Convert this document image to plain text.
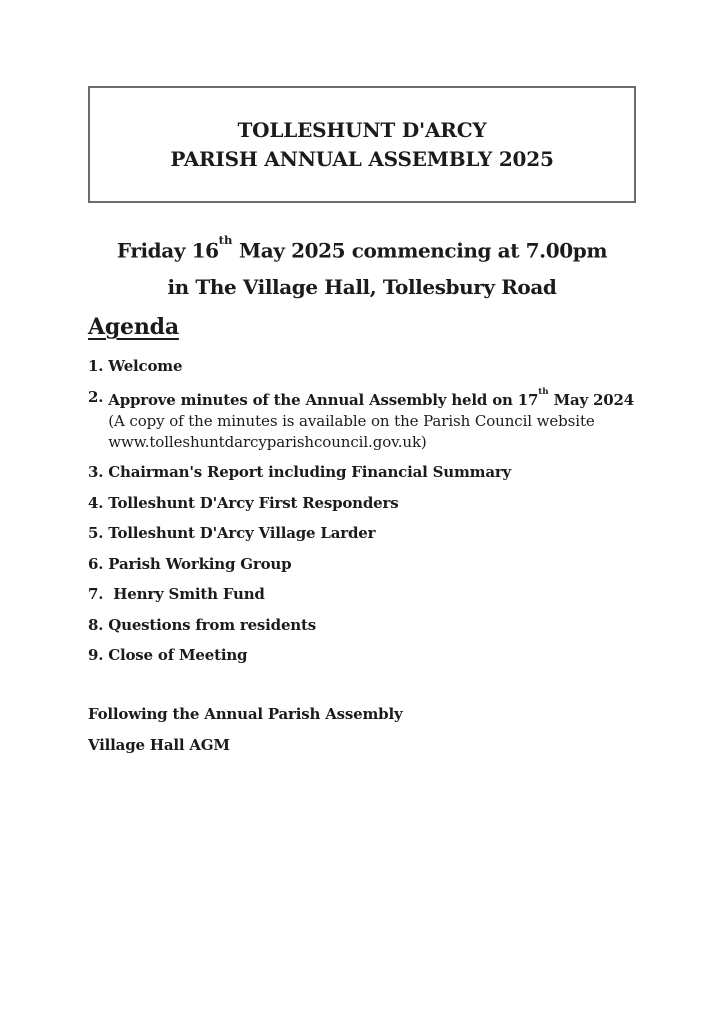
TOLLESHUNT D'ARCY
PARISH ANNUAL ASSEMBLY 2025
Friday 16th May 2025 commencing at 7.00pm
in The Village Hall, Tollesbury Road
Agenda
1. Welcome
2. Approve minutes of the Annual Assembly held on 17th May 2024
(A copy of the minutes is available on the Parish Council website
www.tolleshuntdarcyparishcouncil.gov.uk)
3. Chairman's Report including Financial Summary
4. Tolleshunt D'Arcy First Responders
5. Tolleshunt D'Arcy Village Larder
6. Parish Working Group
7. Henry Smith Fund
8. Questions from residents
9. Close of Meeting
Following the Annual Parish Assembly
Village Hall AGM
